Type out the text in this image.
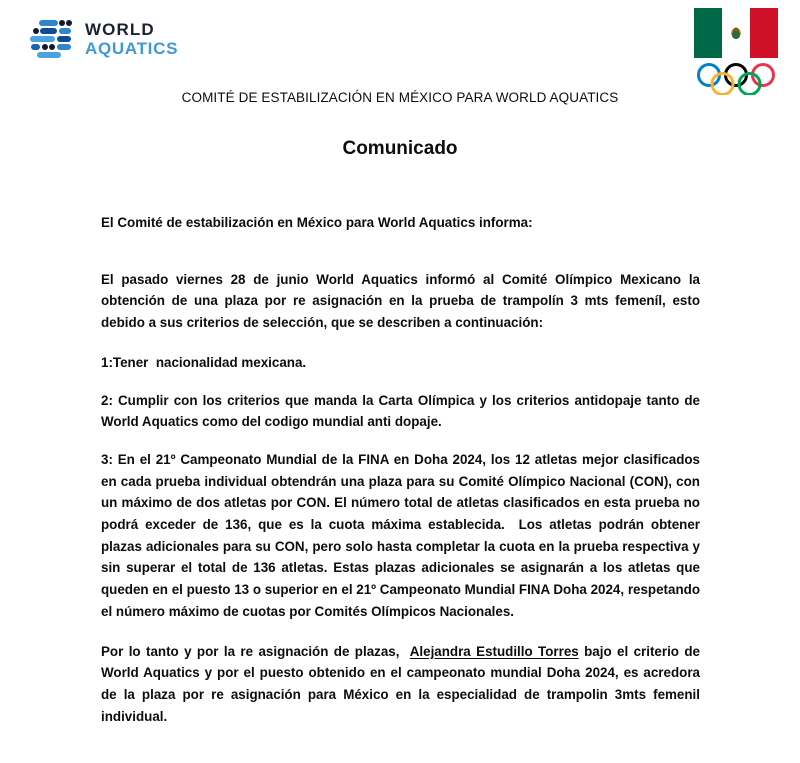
WORLD
AQUATICS
COMITÉ DE ESTABILIZACIÓN EN MÉXICO PARA WORLD AQUATICS
Comunicado

El Comité de estabilización en México para World Aquatics informa:

El pasado viernes 28 de junio World Aquatics informó al Comité Olímpico Mexicano la obtención de una plaza por re asignación en la prueba de trampolín 3 mts femeníl, esto debido a sus criterios de selección, que se describen a continuación:

1:Tener  nacionalidad mexicana.

2: Cumplir con los criterios que manda la Carta Olímpica y los criterios antidopaje tanto de World Aquatics como del codigo mundial anti dopaje.

3: En el 21º Campeonato Mundial de la FINA en Doha 2024, los 12 atletas mejor clasificados en cada prueba individual obtendrán una plaza para su Comité Olímpico Nacional (CON), con un máximo de dos atletas por CON. El número total de atletas clasificados en esta prueba no podrá exceder de 136, que es la cuota máxima establecida.  Los atletas podrán obtener plazas adicionales para su CON, pero solo hasta completar la cuota en la prueba respectiva y sin superar el total de 136 atletas. Estas plazas adicionales se asignarán a los atletas que queden en el puesto 13 o superior en el 21º Campeonato Mundial FINA Doha 2024, respetando el número máximo de cuotas por Comités Olímpicos Nacionales.

Por lo tanto y por la re asignación de plazas,  Alejandra Estudillo Torres bajo el criterio de World Aquatics y por el puesto obtenido en el campeonato mundial Doha 2024, es acredora de la plaza por re asignación para México en la especialidad de trampolin 3mts femenil individual.
